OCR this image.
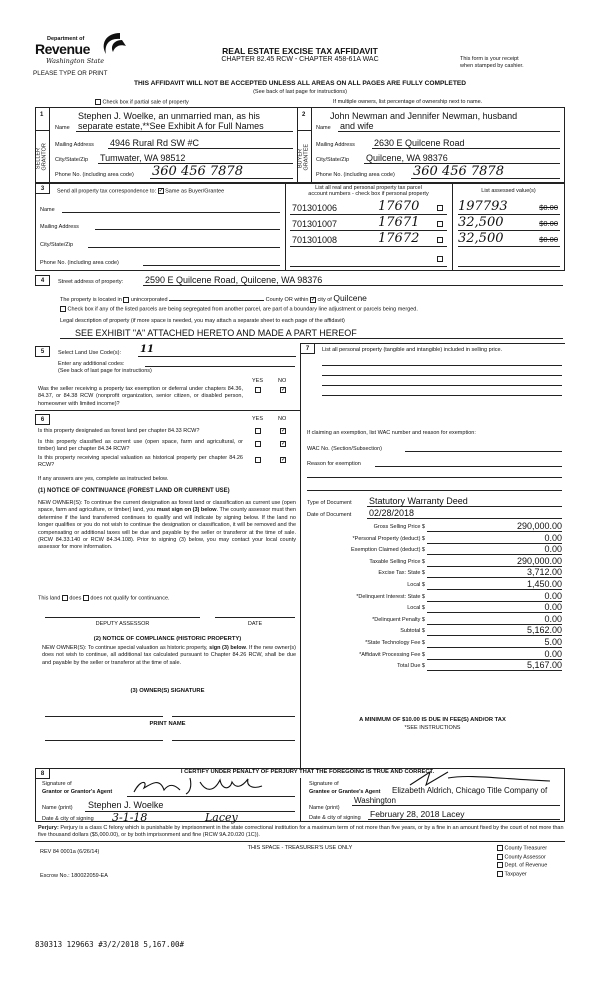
Department of
Revenue
Washington State
PLEASE TYPE OR PRINT
REAL ESTATE EXCISE TAX AFFIDAVIT
CHAPTER 82.45 RCW - CHAPTER 458-61A WAC	This form is your receipt
when stamped by cashier.
THIS AFFIDAVIT WILL NOT BE ACCEPTED UNLESS ALL AREAS ON ALL PAGES ARE FULLY COMPLETED
(See back of last page for instructions)
Check box if partial sale of property	If multiple owners, list percentage of ownership next to name.
1	2
SELLER GRANTOR	BUYER GRANTEE
Stephen J. Woelke, an unmarried man, as his
Name separate estate,**See Exhibit A for Full Names
Mailing Address 4946 Rural Rd SW #C
City/State/Zip Tumwater, WA 98512
Phone No. (including area code) 360 456 7878
John Newman and Jennifer Newman, husband
Name and wife
Mailing Address 2630 E Quilcene Road
City/State/Zip Quilcene, WA 98376
Phone No. (including area code) 360 456 7878
3	Send all property tax correspondence to: ✓ Same as Buyer/Grantee
Name
Mailing Address
City/State/Zip
Phone No. (including area code)
List all real and personal property tax parcel
account numbers - check box if personal property	List assessed value(s)
4	Street address of property: 2590 E Quilcene Road, Quilcene, WA 98376
The property is located in unincorporated	County OR within ✓ city of Quilcene
Check box if any of the listed parcels are being segregated from another parcel, are part of a boundary line adjustment or parcels being merged.
Legal description of property (if more space is needed, you may attach a separate sheet to each page of the affidavit)
SEE EXHIBIT "A" ATTACHED HERETO AND MADE A PART HEREOF
5	Select Land Use Code(s): 11
Enter any additional codes:
(See back of last page for instructions)
YES	NO
Was the seller receiving a property tax exemption or deferral under chapters 84.36, 84.37, or 84.38 RCW (nonprofit organization, senior citizen, or disabled person, homeowner with limited income)?
✓
6	YES	NO
Is this property designated as forest land per chapter 84.33 RCW?	✓
Is this property classified as current use (open space, farm and agricultural, or timber) land per chapter 84.34 RCW?
✓
Is this property receiving special valuation as historical property per chapter 84.26 RCW?
✓
If any answers are yes, complete as instructed below.
(1) NOTICE OF CONTINUANCE (FOREST LAND OR CURRENT USE)
NEW OWNER(S): To continue the current designation as forest land or classification as current use (open space, farm and agriculture, or timber) land, you must sign on (3) below. The county assessor must then determine if the land transferred continues to qualify and will indicate by signing below. If the land no longer qualifies or you do not wish to continue the designation or classification, it will be removed and the compensating or additional taxes will be due and payable by the seller or transferor at the time of sale. (RCW 84.33.140 or RCW 84.34.108). Prior to signing (3) below, you may contact your local county assessor for more information.
This land does does not qualify for continuance.
DEPUTY ASSESSOR	DATE
(2) NOTICE OF COMPLIANCE (HISTORIC PROPERTY)
NEW OWNER(S): To continue special valuation as historic property, sign (3) below. If the new owner(s) does not wish to continue, all additional tax calculated pursuant to Chapter 84.26 RCW, shall be due and payable by the seller or transferor at the time of sale.
(3) OWNER(S) SIGNATURE
PRINT NAME
7	List all personal property (tangible and intangible) included in selling price.
If claiming an exemption, list WAC number and reason for exemption:
WAC No. (Section/Subsection)
Reason for exemption
Type of Document Statutory Warranty Deed
Date of Document 02/28/2018
A MINIMUM OF $10.00 IS DUE IN FEE(S) AND/OR TAX
*SEE INSTRUCTIONS
8	I CERTIFY UNDER PENALTY OF PERJURY THAT THE FOREGOING IS TRUE AND CORRECT.
Signature of
Grantor or Grantor's Agent
Name (print) Stephen J. Woelke
Date & city of signing 3-1-18	Lacey
Signature of
Grantee or Grantee's Agent Elizabeth Aldrich, Chicago Title Company of
Name (print)
Washington
Date & city of signing February 28, 2018 Lacey
Perjury: Perjury is a class C felony which is punishable by imprisonment in the state correctional institution for a maximum term of not more than five years, or by a fine in an amount fixed by the court of not more than five thousand dollars ($5,000.00), or by both imprisonment and fine (RCW 9A.20.020 (1C)).
REV 84 0001a (6/26/14)
THIS SPACE - TREASURER'S USE ONLY
Escrow No.: 180022059-EA
830313 129663 #3/2/2018 5,167.00#
701301006	17670	197793	$0.00
701301007	17671	32,500	$0.00
701301008	17672	32,500	$0.00
Gross Selling Price $	290,000.00
*Personal Property (deduct) $	0.00
Exemption Claimed (deduct) $	0.00
Taxable Selling Price $	290,000.00
Excise Tax: State $	3,712.00
Local $	1,450.00
*Delinquent Interest: State $	0.00
Local $	0.00
*Delinquent Penalty $	0.00
Subtotal $	5,162.00
*State Technology Fee $	5.00
*Affidavit Processing Fee $	0.00
Total Due $	5,167.00
County Treasurer
County Assessor
Dept. of Revenue
Taxpayer
